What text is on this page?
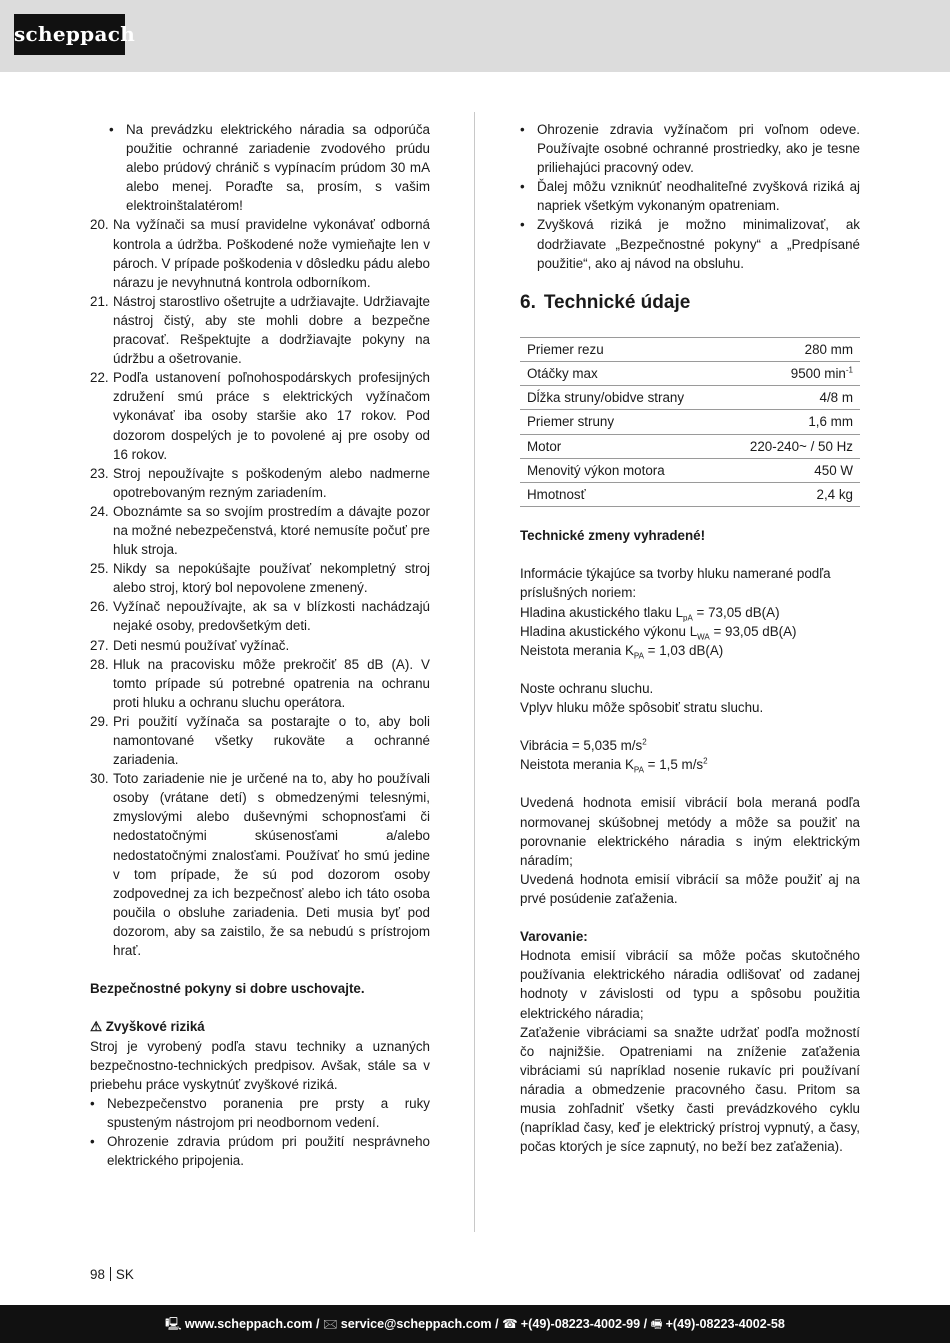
scheppach
• Na prevádzku elektrického náradia sa odporúča použitie ochranné zariadenie zvodového prúdu alebo prúdový chránič s vypínacím prúdom 30 mA alebo menej. Poraďte sa, prosím, s vašim elektroinštalatérom!
20. Na vyžínači sa musí pravidelne vykonávať odborná kontrola a údržba. Poškodené nože vymieňajte len v pároch. V prípade poškodenia v dôsledku pádu alebo nárazu je nevyhnutná kontrola odborníkom.
21. Nástroj starostlivo ošetrujte a udržiavajte. Udržiavajte nástroj čistý, aby ste mohli dobre a bezpečne pracovať. Rešpektujte a dodržiavajte pokyny na údržbu a ošetrovanie.
22. Podľa ustanovení poľnohospodárskych profesijných združení smú práce s elektrických vyžínačom vykonávať iba osoby staršie ako 17 rokov. Pod dozorom dospelých je to povolené aj pre osoby od 16 rokov.
23. Stroj nepoužívajte s poškodeným alebo nadmerne opotrebovaným rezným zariadením.
24. Oboznámte sa so svojím prostredím a dávajte pozor na možné nebezpečenstvá, ktoré nemusíte počuť pre hluk stroja.
25. Nikdy sa nepokúšajte používať nekompletný stroj alebo stroj, ktorý bol nepovolene zmenený.
26. Vyžínač nepoužívajte, ak sa v blízkosti nachádzajú nejaké osoby, predovšetkým deti.
27. Deti nesmú používať vyžínač.
28. Hluk na pracovisku môže prekročiť 85 dB (A). V tomto prípade sú potrebné opatrenia na ochranu proti hluku a ochranu sluchu operátora.
29. Pri použití vyžínača sa postarajte o to, aby boli namontované všetky rukoväte a ochranné zariadenia.
30. Toto zariadenie nie je určené na to, aby ho používali osoby (vrátane detí) s obmedzenými telesnými, zmyslovými alebo duševnými schopnosťami či nedostatočnými skúsenosťami a/alebo nedostatočnými znalosťami. Používať ho smú jedine v tom prípade, že sú pod dozorom osoby zodpovednej za ich bezpečnosť alebo ich táto osoba poučila o obsluhe zariadenia. Deti musia byť pod dozorom, aby sa zaistilo, že sa nebudú s prístrojom hrať.
Bezpečnostné pokyny si dobre uschovajte.
⚠ Zvyškové riziká
Stroj je vyrobený podľa stavu techniky a uznaných bezpečnostno-technických predpisov. Avšak, stále sa v priebehu práce vyskytnúť zvyškové riziká.
• Nebezpečenstvo poranenia pre prsty a ruky spusteným nástrojom pri neodbornom vedení.
• Ohrozenie zdravia prúdom pri použití nesprávneho elektrického pripojenia.
• Ohrozenie zdravia vyžínačom pri voľnom odeve. Používajte osobné ochranné prostriedky, ako je tesne priliehajúci pracovný odev.
• Ďalej môžu vzniknúť neodhaliteľné zvyšková riziká aj napriek všetkým vykonaným opatreniam.
• Zvyšková riziká je možno minimalizovať, ak dodržiavate „Bezpečnostné pokyny“ a „Predpísané použitie“, ako aj návod na obsluhu.
6. Technické údaje
Priemer rezu	280 mm
Otáčky max	9500 $\min^{-1}$
Dĺžka struny/obidve strany	4/8 m
Priemer struny	1,6 mm
Motor	220-240~ / 50 Hz
Menovitý výkon motora	450 W
Hmotnosť	2,4 kg
Technické zmeny vyhradené!
Informácie týkajúce sa tvorby hluku namerané podľa príslušných noriem:
Hladina akustického tlaku $L_{pA} = 73,05$ dB(A)
Hladina akustického výkonu $L_{WA} = 93,05$ dB(A)
Neistota merania $K_{PA} = 1,03$ dB(A)
Noste ochranu sluchu.
Vplyv hluku môže spôsobiť stratu sluchu.
Vibrácia = 5,035 $m/s^2$
Neistota merania $K_{PA} = 1,5$ $m/s^2$
Uvedená hodnota emisií vibrácií bola meraná podľa normovanej skúšobnej metódy a môže sa použiť na porovnanie elektrického náradia s iným elektrickým náradím;
Uvedená hodnota emisií vibrácií sa môže použiť aj na prvé posúdenie zaťaženia.
Varovanie:
Hodnota emisií vibrácií sa môže počas skutočného používania elektrického náradia odlišovať od zadanej hodnoty v závislosti od typu a spôsobu použitia elektrického náradia;
Zaťaženie vibráciami sa snažte udržať podľa možností čo najnižšie. Opatreniami na zníženie zaťaženia vibráciami sú napríklad nosenie rukavíc pri používaní náradia a obmedzenie pracovného času. Pritom sa musia zohľadniť všetky časti prevádzkového cyklu (napríklad časy, keď je elektrický prístroj vypnutý, a časy, počas ktorých je síce zapnutý, no beží bez zaťaženia).
98 SK
🖳 www.scheppach.com / 🖂 service@scheppach.com / ☎ +(49)-08223-4002-99 / 🖷 +(49)-08223-4002-58
